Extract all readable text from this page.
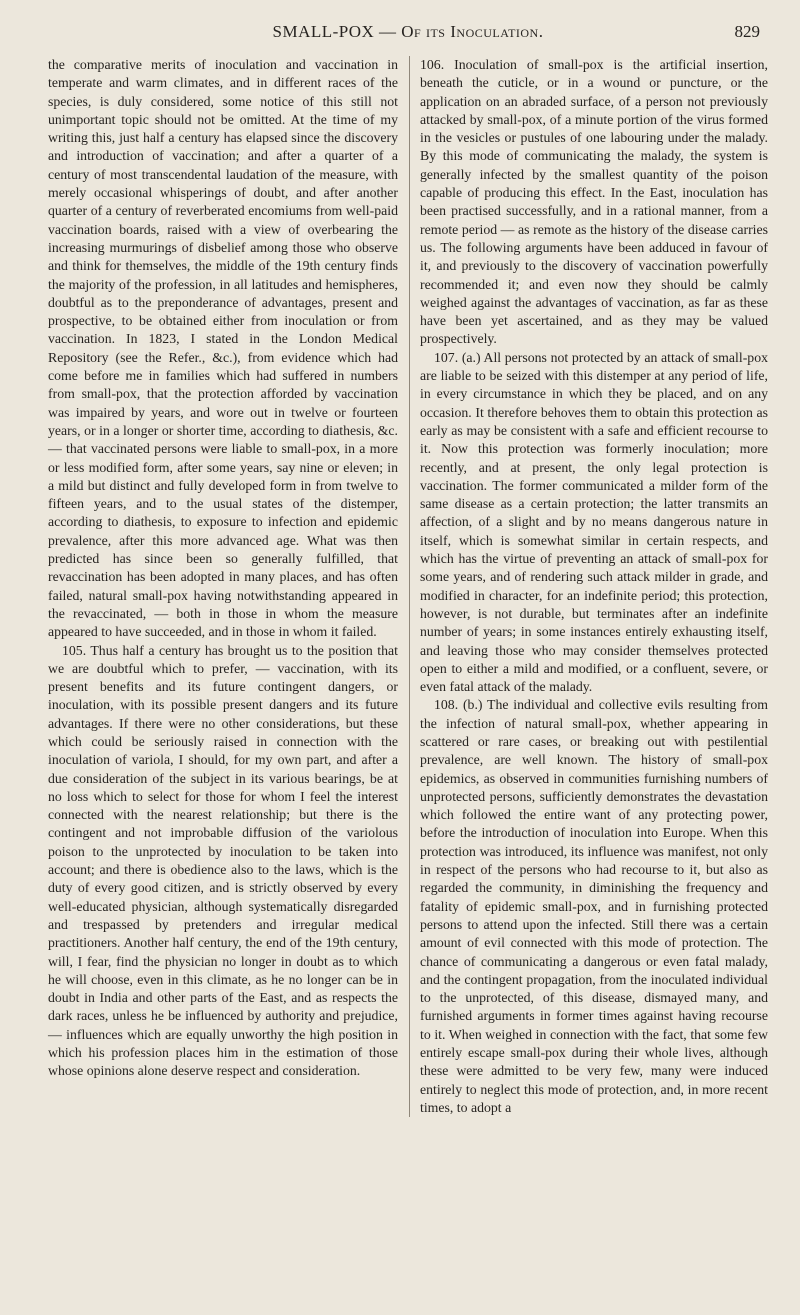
SMALL-POX — Of its Inoculation.	829

the comparative merits of inoculation and vaccination in temperate and warm climates, and in different races of the species, is duly considered, some notice of this still not unimportant topic should not be omitted. At the time of my writing this, just half a century has elapsed since the discovery and introduction of vaccination; and after a quarter of a century of most transcendental laudation of the measure, with merely occasional whisperings of doubt, and after another quarter of a century of reverberated encomiums from well-paid vaccination boards, raised with a view of overbearing the increasing murmurings of disbelief among those who observe and think for themselves, the middle of the 19th century finds the majority of the profession, in all latitudes and hemispheres, doubtful as to the preponderance of advantages, present and prospective, to be obtained either from inoculation or from vaccination. In 1823, I stated in the London Medical Repository (see the Refer., &c.), from evidence which had come before me in families which had suffered in numbers from small-pox, that the protection afforded by vaccination was impaired by years, and wore out in twelve or fourteen years, or in a longer or shorter time, according to diathesis, &c. — that vaccinated persons were liable to small-pox, in a more or less modified form, after some years, say nine or eleven; in a mild but distinct and fully developed form in from twelve to fifteen years, and to the usual states of the distemper, according to diathesis, to exposure to infection and epidemic prevalence, after this more advanced age. What was then predicted has since been so generally fulfilled, that revaccination has been adopted in many places, and has often failed, natural small-pox having notwithstanding appeared in the revaccinated, — both in those in whom the measure appeared to have succeeded, and in those in whom it failed.

105. Thus half a century has brought us to the position that we are doubtful which to prefer, — vaccination, with its present benefits and its future contingent dangers, or inoculation, with its possible present dangers and its future advantages. If there were no other considerations, but these which could be seriously raised in connection with the inoculation of variola, I should, for my own part, and after a due consideration of the subject in its various bearings, be at no loss which to select for those for whom I feel the interest connected with the nearest relationship; but there is the contingent and not improbable diffusion of the variolous poison to the unprotected by inoculation to be taken into account; and there is obedience also to the laws, which is the duty of every good citizen, and is strictly observed by every well-educated physician, although systematically disregarded and trespassed by pretenders and irregular medical practitioners. Another half century, the end of the 19th century, will, I fear, find the physician no longer in doubt as to which he will choose, even in this climate, as he no longer can be in doubt in India and other parts of the East, and as respects the dark races, unless he be influenced by authority and prejudice, — influences which are equally unworthy the high position in which his profession places him in the estimation of those whose opinions alone deserve respect and consideration.

106. Inoculation of small-pox is the artificial insertion, beneath the cuticle, or in a wound or puncture, or the application on an abraded surface, of a person not previously attacked by small-pox, of a minute portion of the virus formed in the vesicles or pustules of one labouring under the malady. By this mode of communicating the malady, the system is generally infected by the smallest quantity of the poison capable of producing this effect. In the East, inoculation has been practised successfully, and in a rational manner, from a remote period — as remote as the history of the disease carries us. The following arguments have been adduced in favour of it, and previously to the discovery of vaccination powerfully recommended it; and even now they should be calmly weighed against the advantages of vaccination, as far as these have been yet ascertained, and as they may be valued prospectively.

107. (a.) All persons not protected by an attack of small-pox are liable to be seized with this distemper at any period of life, in every circumstance in which they be placed, and on any occasion. It therefore behoves them to obtain this protection as early as may be consistent with a safe and efficient recourse to it. Now this protection was formerly inoculation; more recently, and at present, the only legal protection is vaccination. The former communicated a milder form of the same disease as a certain protection; the latter transmits an affection, of a slight and by no means dangerous nature in itself, which is somewhat similar in certain respects, and which has the virtue of preventing an attack of small-pox for some years, and of rendering such attack milder in grade, and modified in character, for an indefinite period; this protection, however, is not durable, but terminates after an indefinite number of years; in some instances entirely exhausting itself, and leaving those who may consider themselves protected open to either a mild and modified, or a confluent, severe, or even fatal attack of the malady.

108. (b.) The individual and collective evils resulting from the infection of natural small-pox, whether appearing in scattered or rare cases, or breaking out with pestilential prevalence, are well known. The history of small-pox epidemics, as observed in communities furnishing numbers of unprotected persons, sufficiently demonstrates the devastation which followed the entire want of any protecting power, before the introduction of inoculation into Europe. When this protection was introduced, its influence was manifest, not only in respect of the persons who had recourse to it, but also as regarded the community, in diminishing the frequency and fatality of epidemic small-pox, and in furnishing protected persons to attend upon the infected. Still there was a certain amount of evil connected with this mode of protection. The chance of communicating a dangerous or even fatal malady, and the contingent propagation, from the inoculated individual to the unprotected, of this disease, dismayed many, and furnished arguments in former times against having recourse to it. When weighed in connection with the fact, that some few entirely escape small-pox during their whole lives, although these were admitted to be very few, many were induced entirely to neglect this mode of protection, and, in more recent times, to adopt a
